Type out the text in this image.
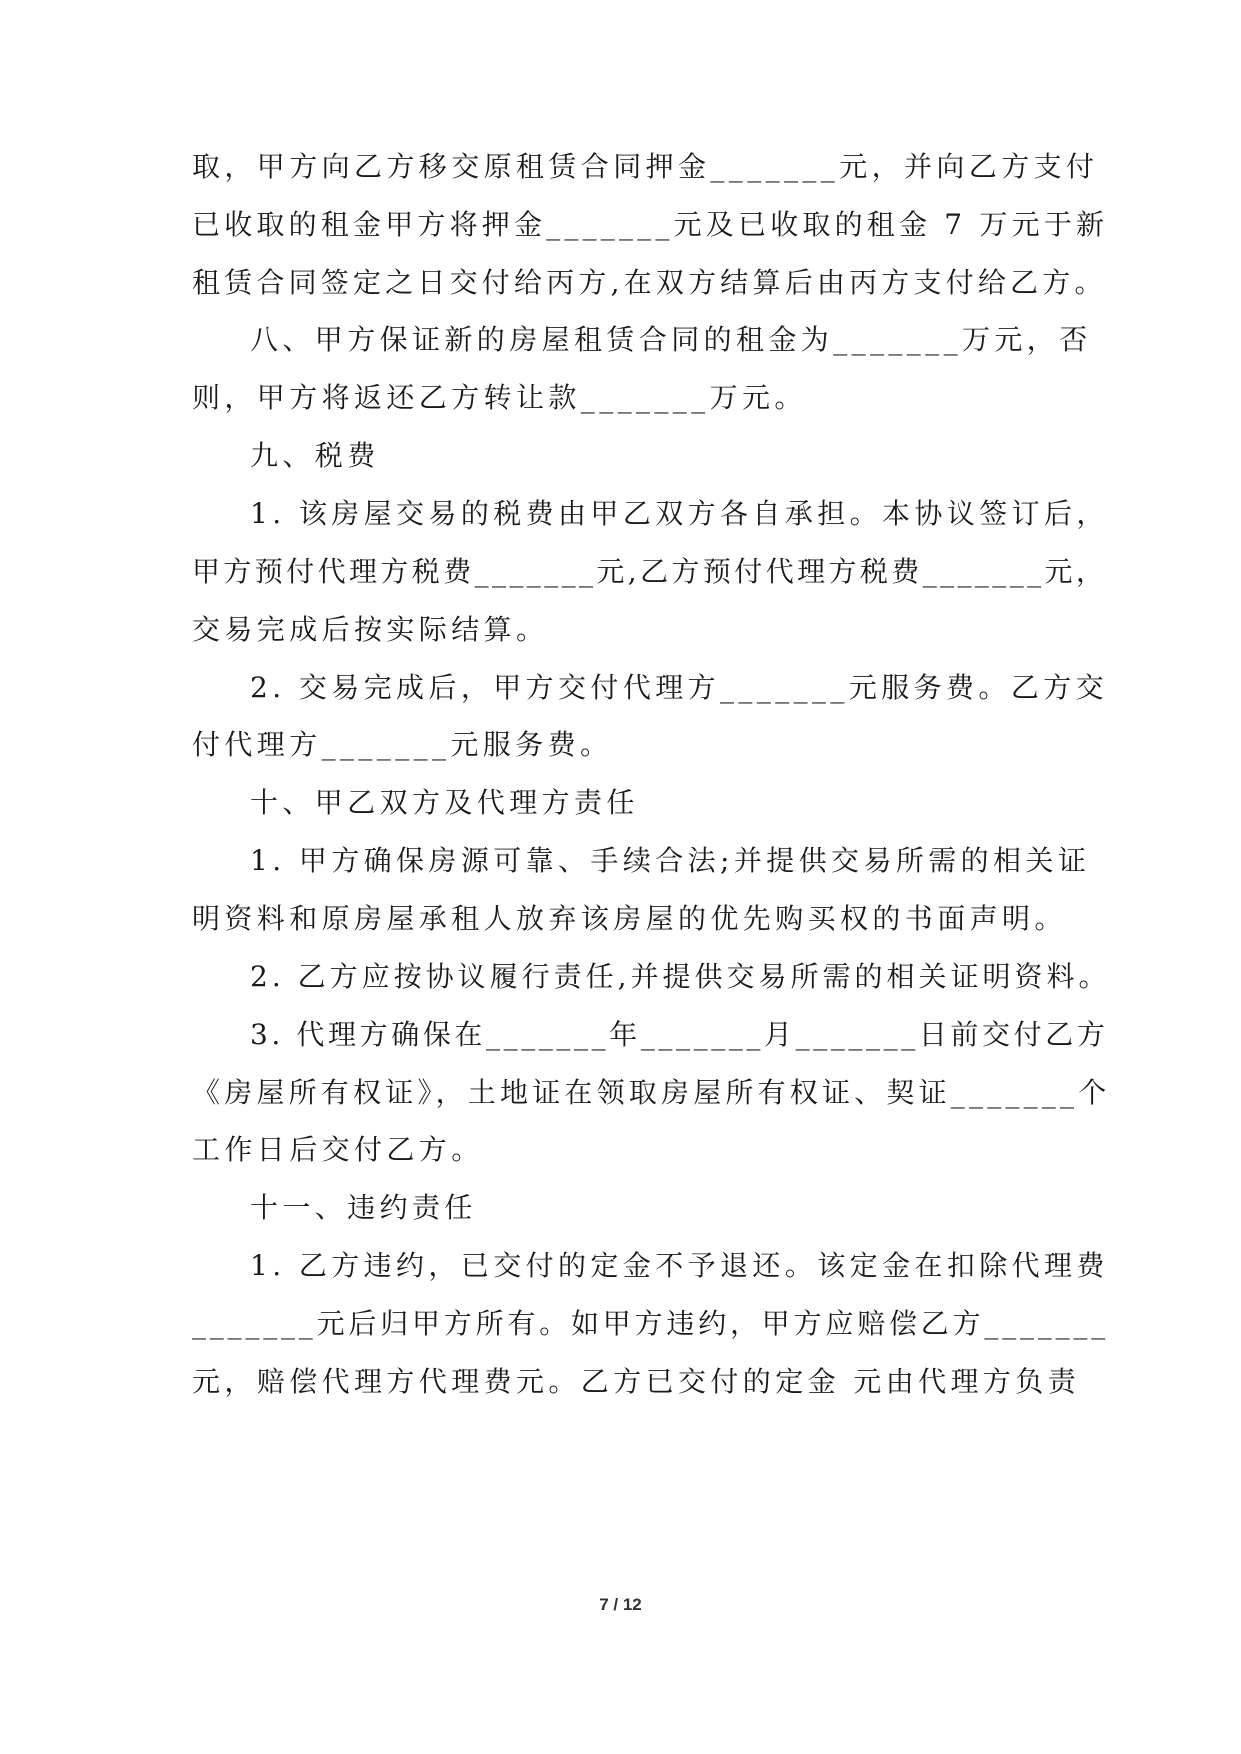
取，甲方向乙方移交原租赁合同押金_______元，并向乙方支付
已收取的租金甲方将押金_______元及已收取的租金 7 万元于新
租赁合同签定之日交付给丙方,在双方结算后由丙方支付给乙方。
八、甲方保证新的房屋租赁合同的租金为_______万元，否
则，甲方将返还乙方转让款_______万元。
九、税费
1. 该房屋交易的税费由甲乙双方各自承担。本协议签订后，
甲方预付代理方税费_______元,乙方预付代理方税费_______元，
交易完成后按实际结算。
2. 交易完成后，甲方交付代理方_______元服务费。乙方交
付代理方_______元服务费。
十、甲乙双方及代理方责任
1. 甲方确保房源可靠、手续合法;并提供交易所需的相关证
明资料和原房屋承租人放弃该房屋的优先购买权的书面声明。
2. 乙方应按协议履行责任,并提供交易所需的相关证明资料。
3. 代理方确保在_______年_______月_______日前交付乙方
《房屋所有权证》，土地证在领取房屋所有权证、契证_______个
工作日后交付乙方。
十一、违约责任
1. 乙方违约，已交付的定金不予退还。该定金在扣除代理费
_______元后归甲方所有。如甲方违约，甲方应赔偿乙方_______
元，赔偿代理方代理费元。乙方已交付的定金 元由代理方负责
7 / 12
